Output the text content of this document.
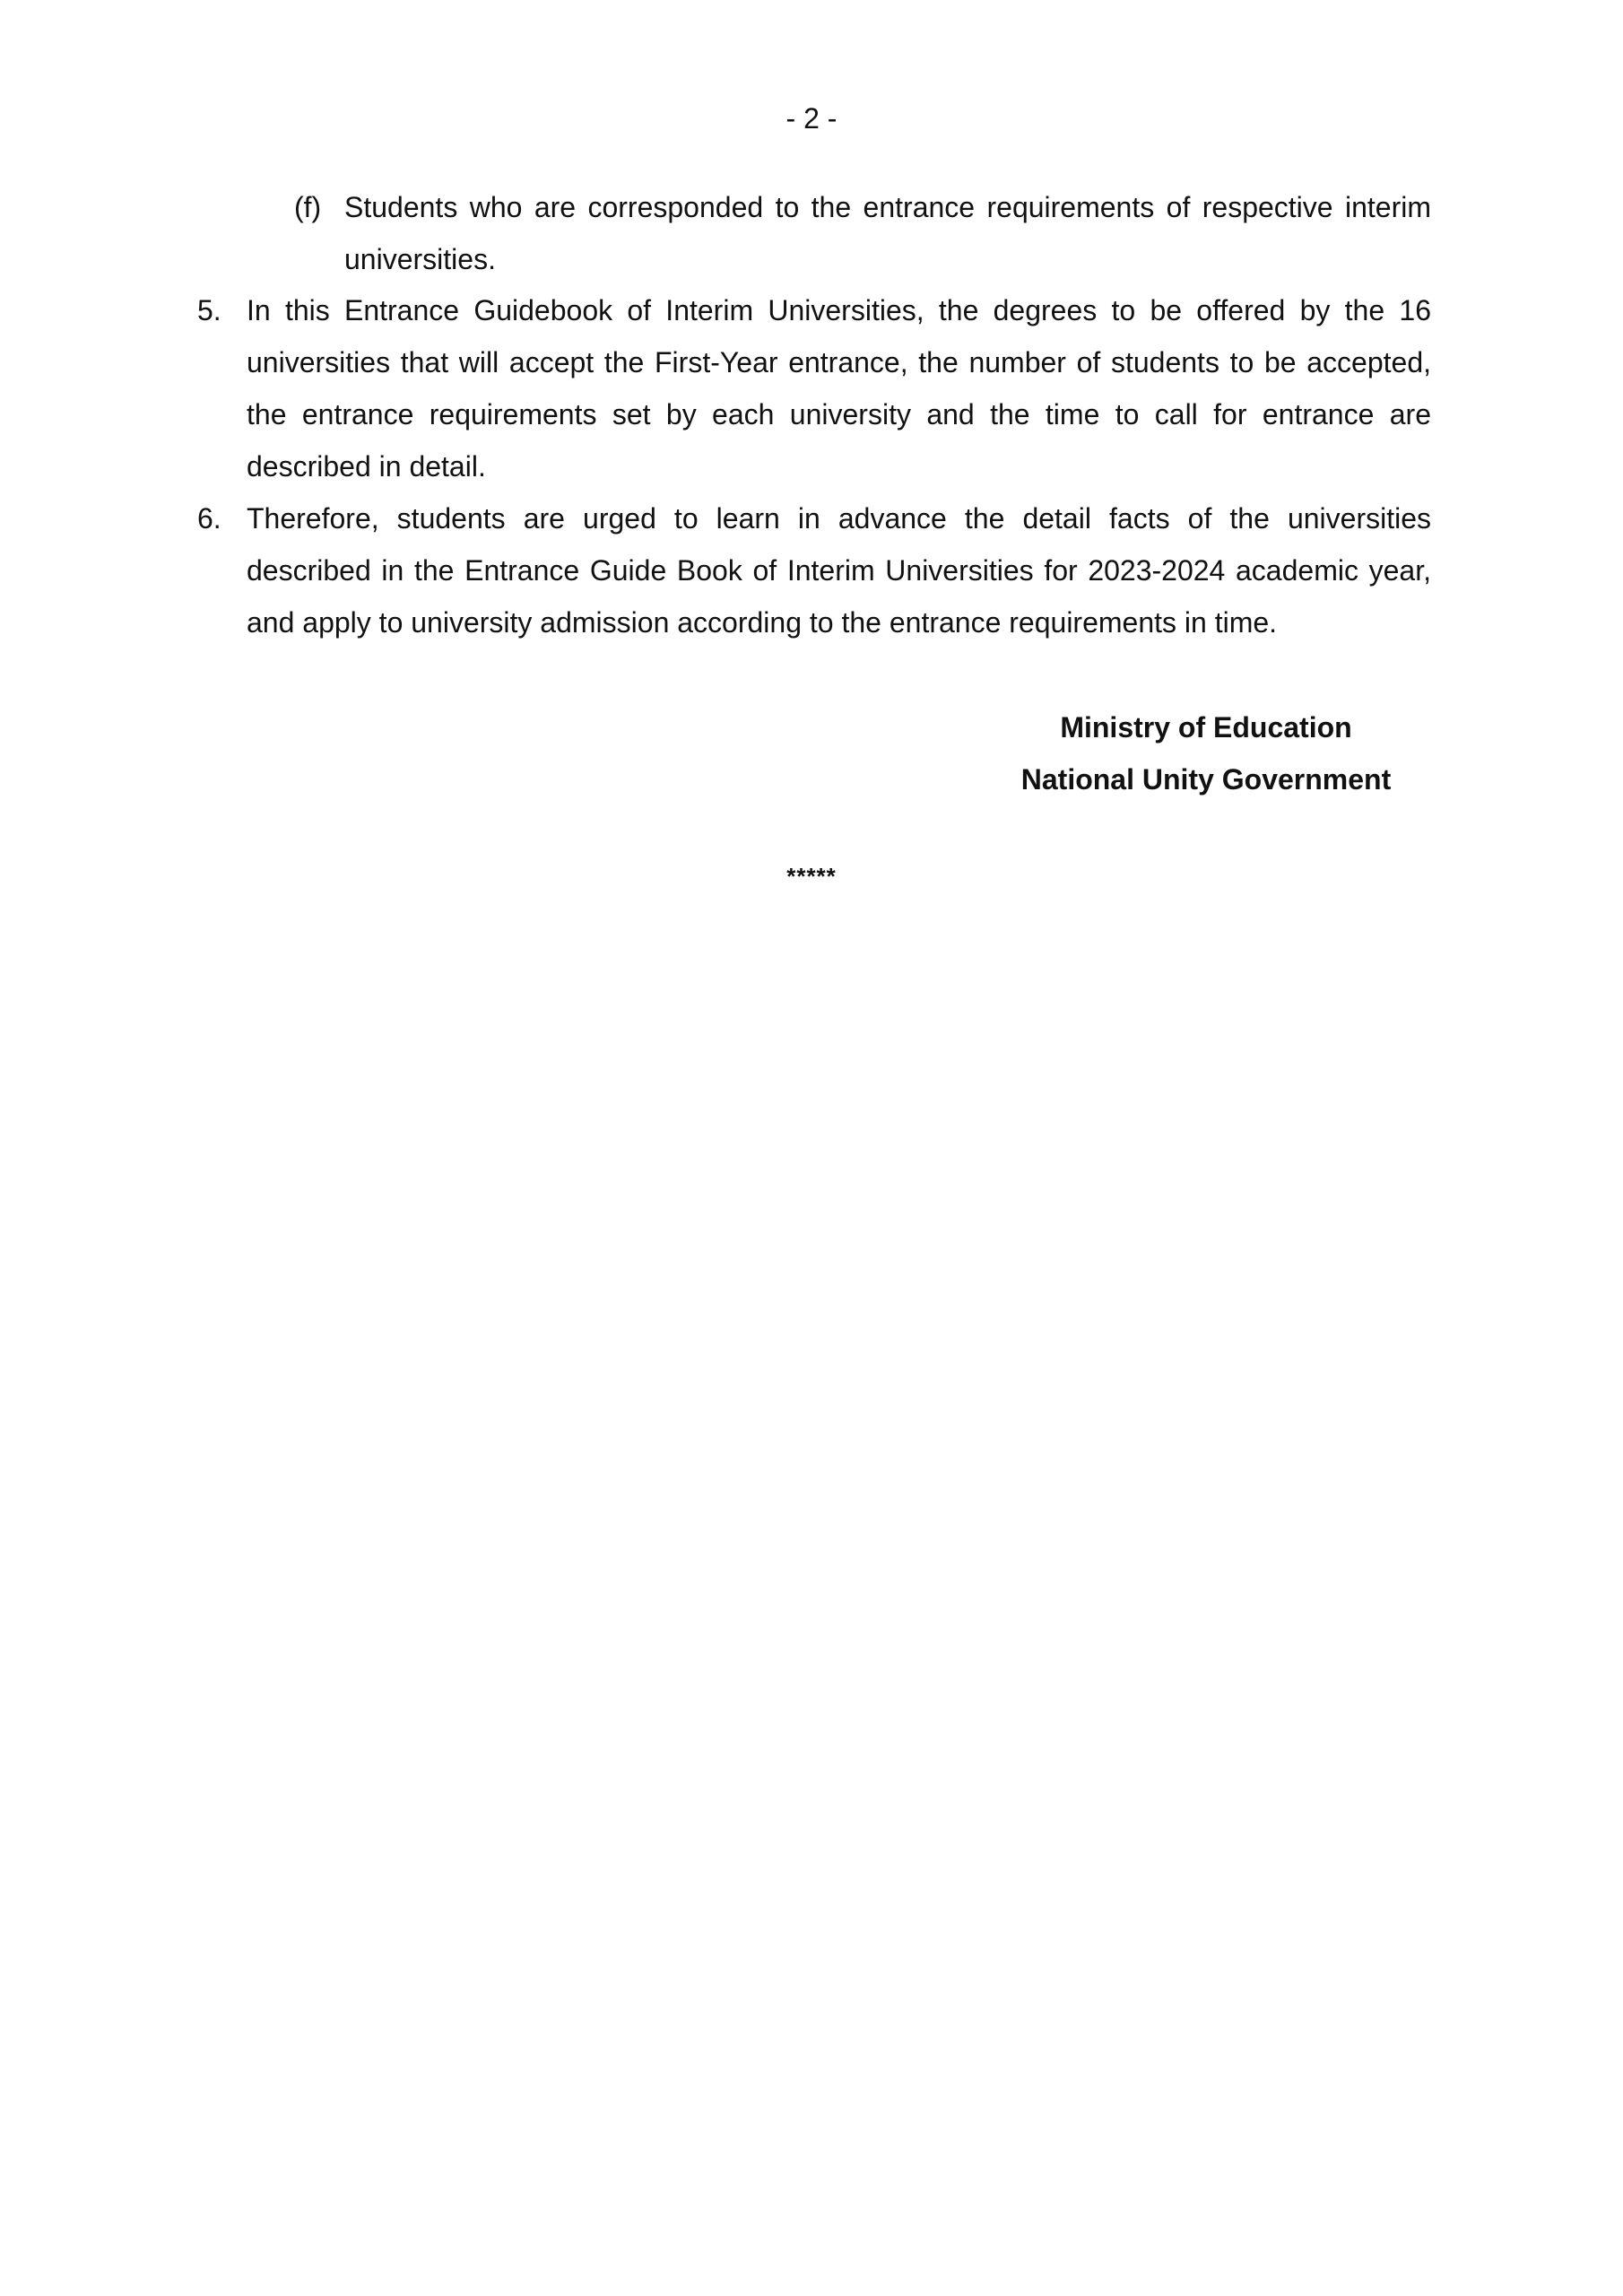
- 2 -
(f) Students who are corresponded to the entrance requirements of respective interim universities.
5. In this Entrance Guidebook of Interim Universities, the degrees to be offered by the 16 universities that will accept the First-Year entrance, the number of students to be accepted, the entrance requirements set by each university and the time to call for entrance are described in detail.
6. Therefore, students are urged to learn in advance the detail facts of the universities described in the Entrance Guide Book of Interim Universities for 2023-2024 academic year, and apply to university admission according to the entrance requirements in time.
Ministry of Education
National Unity Government
*****
